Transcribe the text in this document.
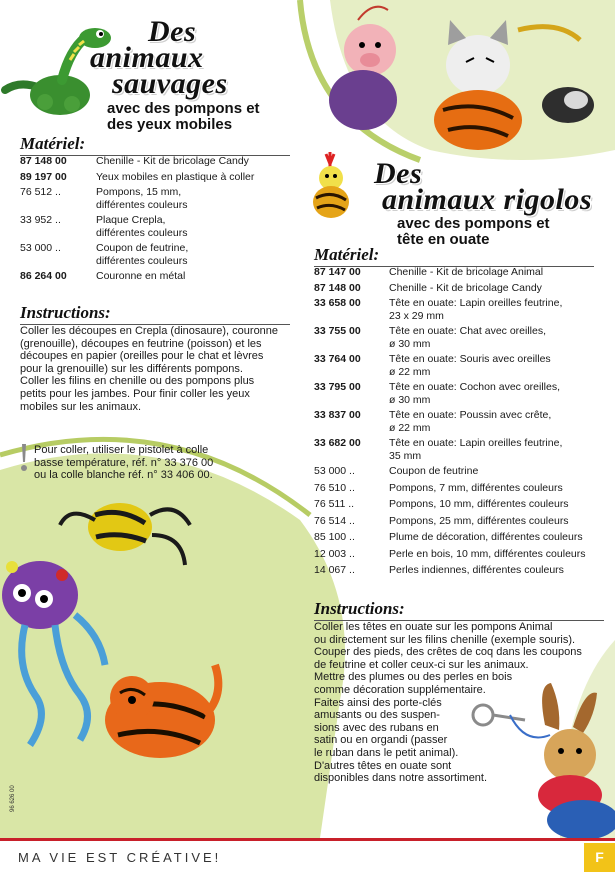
Des
animaux
sauvages
avec des pompons et
des yeux mobiles
Matériel:
87 148 00	Chenille - Kit de bricolage Candy
89 197 00	Yeux mobiles en plastique à coller
76 512 ..	Pompons, 15 mm,
différentes couleurs
33 952 ..	Plaque Crepla,
différentes couleurs
53 000 ..	Coupon de feutrine,
différentes couleurs
86 264 00	Couronne en métal
Instructions:
Coller les découpes en Crepla (dinosaure), couronne
(grenouille), découpes en feutrine (poisson) et les
découpes en papier (oreilles pour le chat et lèvres
pour la grenouille) sur les différents pompons.
Coller les filins en chenille ou des pompons plus
petits pour les jambes. Pour finir coller les yeux
mobiles sur les animaux.
Pour coller, utiliser le pistolet à colle
basse température, réf. n° 33 376 00
ou la colle blanche réf. n° 33 406 00.
Des
animaux rigolos
avec des pompons et
tête en ouate
Matériel:
87 147 00	Chenille - Kit de bricolage Animal
87 148 00	Chenille - Kit de bricolage Candy
33 658 00	Tête en ouate: Lapin oreilles feutrine,
23 x 29 mm
33 755 00	Tête en ouate: Chat avec oreilles,
ø 30 mm
33 764 00	Tête en ouate: Souris avec oreilles
ø 22 mm
33 795 00	Tête en ouate: Cochon avec oreilles,
ø 30 mm
33 837 00	Tête en ouate: Poussin avec crête,
ø 22 mm
33 682 00	Tête en ouate: Lapin oreilles feutrine,
35 mm
53 000 ..	Coupon de feutrine
76 510 ..	Pompons, 7 mm, différentes couleurs
76 511 ..	Pompons, 10 mm, différentes couleurs
76 514 ..	Pompons, 25 mm, différentes couleurs
85 100 ..	Plume de décoration, différentes couleurs
12 003 ..	Perle en bois, 10 mm, différentes couleurs
14 067 ..	Perles indiennes, différentes couleurs
Instructions:
Coller les têtes en ouate sur les pompons Animal
ou directement sur les filins chenille (exemple souris).
Couper des pieds, des crêtes de coq dans les coupons
de feutrine et coller ceux-ci sur les animaux.
Mettre des plumes ou des perles en bois
comme décoration supplémentaire.
Faites ainsi des porte-clés
amusants ou des suspen-
sions avec des rubans en
satin ou en organdi (passer
le ruban dans le petit animal).
D'autres têtes en ouate sont
disponibles dans notre assortiment.
96 626 00
MA VIE EST CRÉATIVE!	F
